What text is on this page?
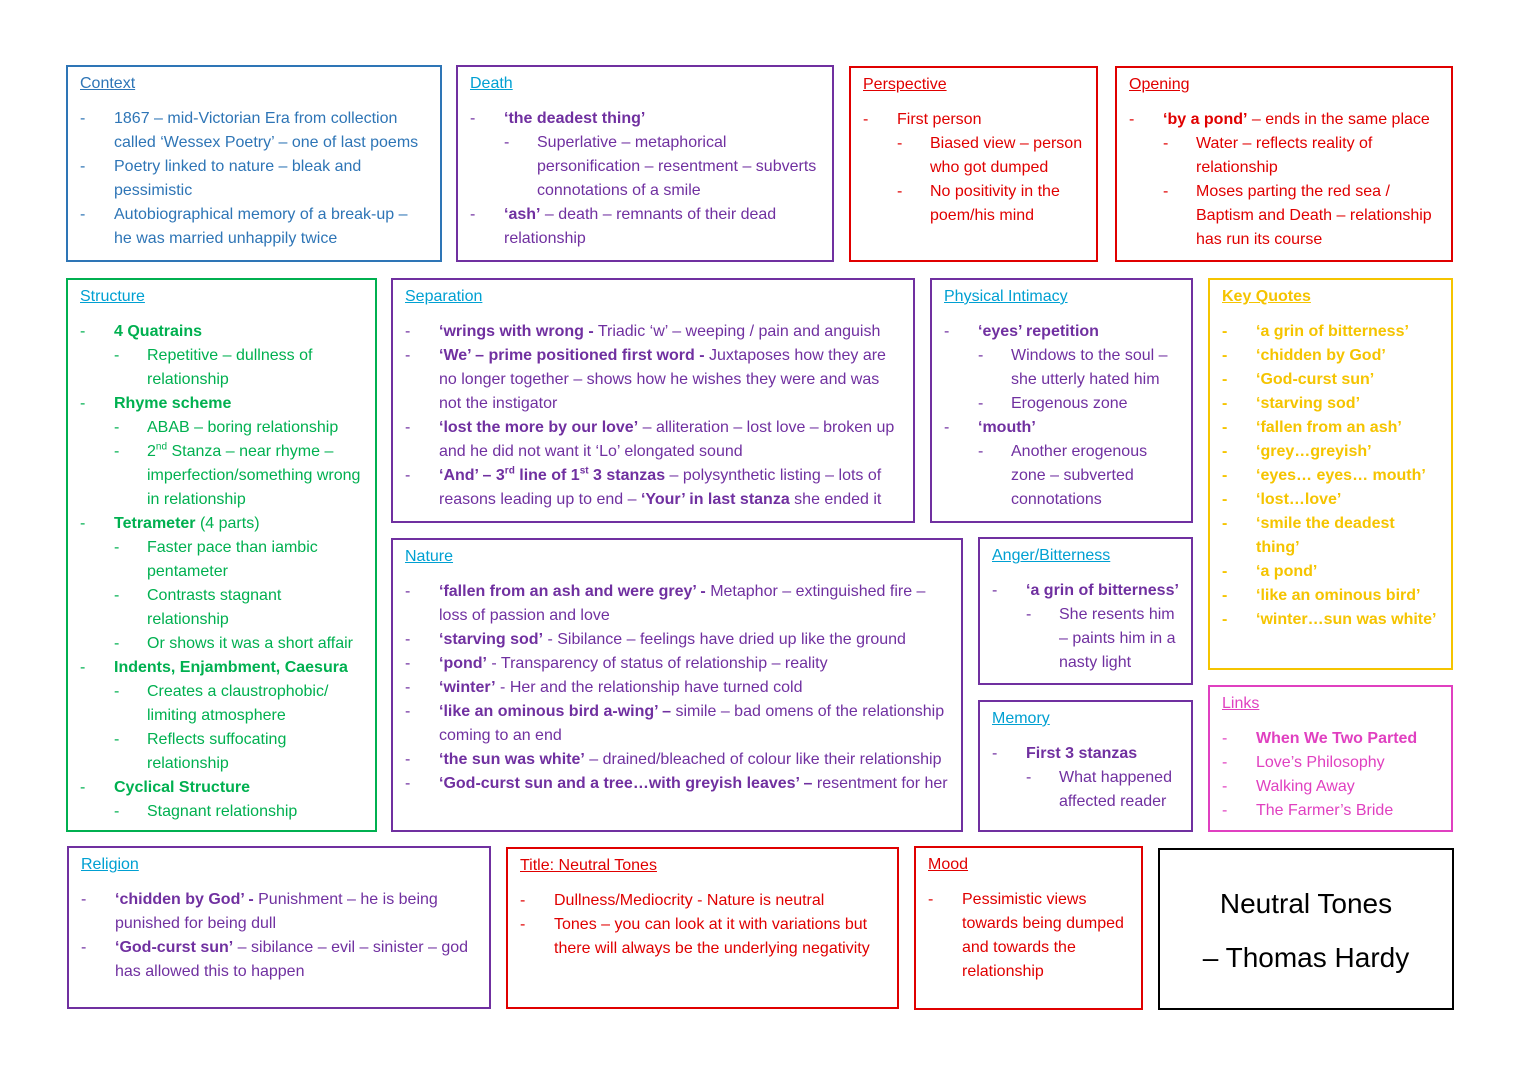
Context
- 1867 – mid-Victorian Era from collection called ‘Wessex Poetry’ – one of last poems
- Poetry linked to nature – bleak and pessimistic
- Autobiographical memory of a break-up – he was married unhappily twice
Death
- ‘the deadest thing’
- Superlative – metaphorical personification – resentment – subverts connotations of a smile
- ‘ash’ – death – remnants of their dead relationship
Perspective
- First person
- Biased view – person who got dumped
- No positivity in the poem/his mind
Opening
- ‘by a pond’ – ends in the same place
- Water – reflects reality of relationship
- Moses parting the red sea / Baptism and Death – relationship has run its course
Structure
- 4 Quatrains
- Repetitive – dullness of relationship
- Rhyme scheme
- ABAB – boring relationship
- 2nd Stanza – near rhyme – imperfection/something wrong in relationship
- Tetrameter (4 parts)
- Faster pace than iambic pentameter
- Contrasts stagnant relationship
- Or shows it was a short affair
- Indents, Enjambment, Caesura
- Creates a claustrophobic/ limiting atmosphere
- Reflects suffocating relationship
- Cyclical Structure
- Stagnant relationship
Separation
- ‘wrings with wrong - Triadic ‘w’ – weeping / pain and anguish
- ‘We’ – prime positioned first word - Juxtaposes how they are no longer together – shows how he wishes they were and was not the instigator
- ‘lost the more by our love’ – alliteration – lost love – broken up and he did not want it ‘Lo’ elongated sound
- ‘And’ – 3rd line of 1st 3 stanzas – polysynthetic listing – lots of reasons leading up to end – ‘Your’ in last stanza she ended it
Physical Intimacy
- ‘eyes’ repetition
- Windows to the soul – she utterly hated him
- Erogenous zone
- ‘mouth’
- Another erogenous zone – subverted connotations
Key Quotes
- ‘a grin of bitterness’
- ‘chidden by God’
- ‘God-curst sun’
- ‘starving sod’
- ‘fallen from an ash’
- ‘grey…greyish’
- ‘eyes… eyes… mouth’
- ‘lost…love’
- ‘smile the deadest thing’
- ‘a pond’
- ‘like an ominous bird’
- ‘winter…sun was white’
Nature
- ‘fallen from an ash and were grey’ - Metaphor – extinguished fire – loss of passion and love
- ‘starving sod’ - Sibilance – feelings have dried up like the ground
- ‘pond’ - Transparency of status of relationship – reality
- ‘winter’ - Her and the relationship have turned cold
- ‘like an ominous bird a-wing’ – simile – bad omens of the relationship coming to an end
- ‘the sun was white’ – drained/bleached of colour like their relationship
- ‘God-curst sun and a tree…with greyish leaves’ – resentment for her
Anger/Bitterness
- ‘a grin of bitterness’
- She resents him – paints him in a nasty light
Memory
- First 3 stanzas
- What happened affected reader
Links
- When We Two Parted
- Love’s Philosophy
- Walking Away
- The Farmer’s Bride
Religion
- ‘chidden by God’ - Punishment – he is being punished for being dull
- ‘God-curst sun’ – sibilance – evil – sinister – god has allowed this to happen
Title: Neutral Tones
- Dullness/Mediocrity - Nature is neutral
- Tones – you can look at it with variations but there will always be the underlying negativity
Mood
- Pessimistic views towards being dumped and towards the relationship
Neutral Tones
– Thomas Hardy
